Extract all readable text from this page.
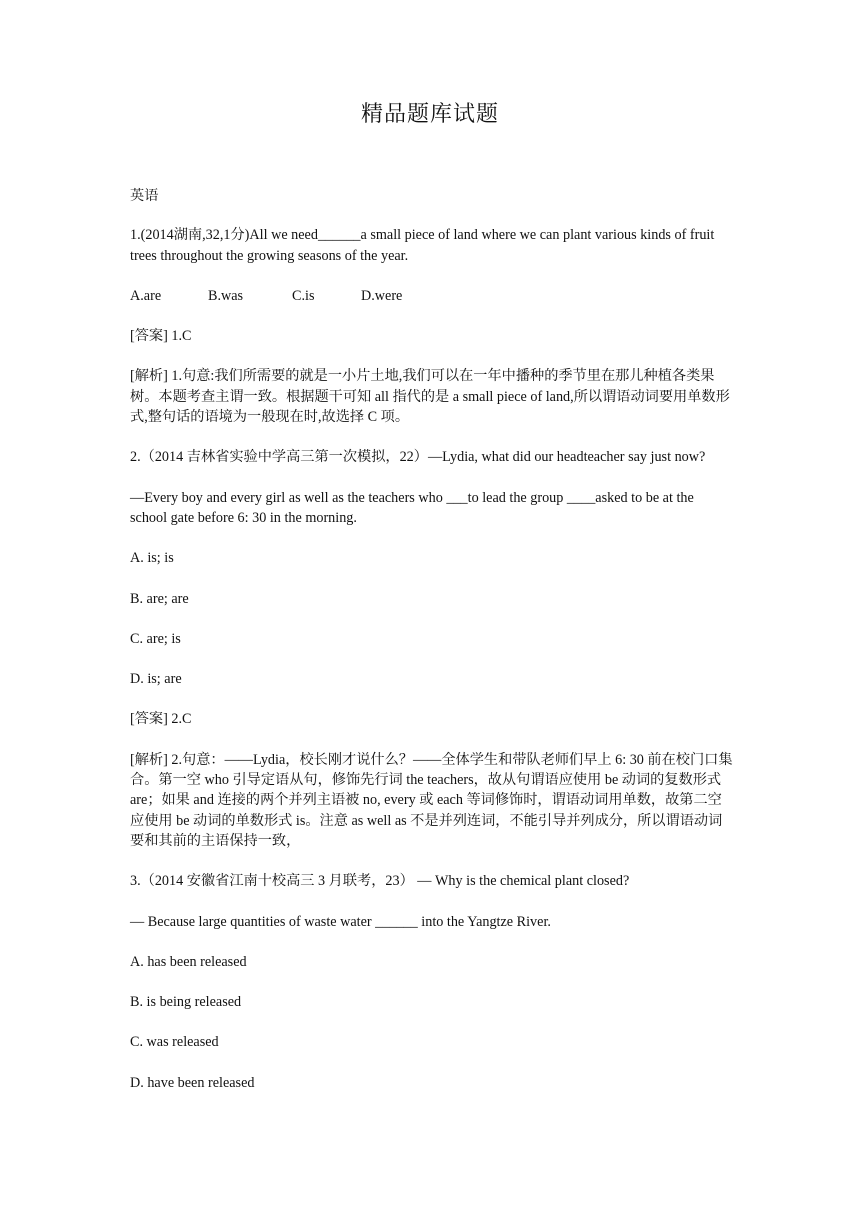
精品题库试题

英语

1.(2014湖南,32,1分)All we need______a small piece of land where we can plant various kinds of fruit trees throughout the growing seasons of the year.

A.are	B.was	C.is	D.were

[答案] 1.C

[解析] 1.句意:我们所需要的就是一小片土地,我们可以在一年中播种的季节里在那儿种植各类果树。本题考查主谓一致。根据题干可知 all 指代的是 a small piece of land,所以谓语动词要用单数形式,整句话的语境为一般现在时,故选择 C 项。

2.（2014 吉林省实验中学高三第一次模拟，22）—Lydia, what did our headteacher say just now?

—Every boy and every girl as well as the teachers who ___to lead the group ____asked to be at the school gate before 6: 30 in the morning.

A. is; is

B. are; are

C. are; is

D. is; are

[答案] 2.C

[解析] 2.句意：——Lydia，校长刚才说什么？——全体学生和带队老师们早上 6: 30 前在校门口集合。第一空 who 引导定语从句，修饰先行词 the teachers，故从句谓语应使用 be 动词的复数形式 are；如果 and 连接的两个并列主语被 no, every 或 each 等词修饰时，谓语动词用单数，故第二空应使用 be 动词的单数形式 is。注意 as well as 不是并列连词，不能引导并列成分，所以谓语动词要和其前的主语保持一致，

3.（2014 安徽省江南十校高三 3 月联考，23） — Why is the chemical plant closed?

— Because large quantities of waste water ______ into the Yangtze River.

A. has been released

B. is being released

C. was released

D. have been released
